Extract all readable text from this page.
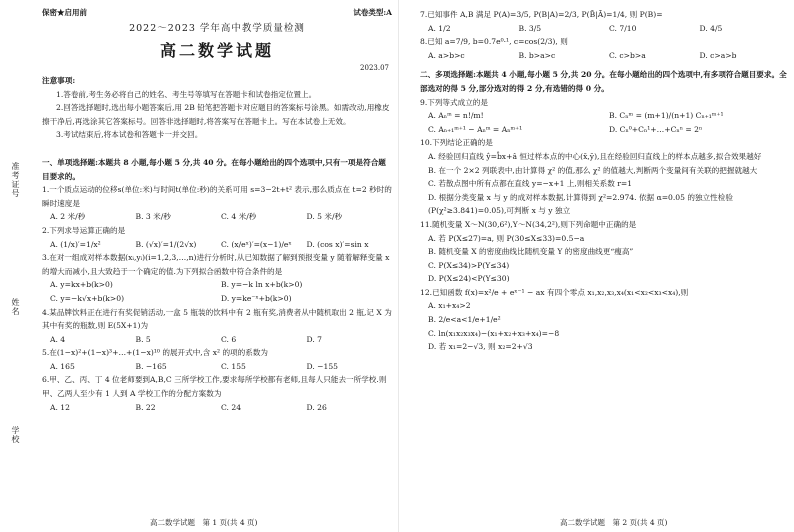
准考证号
姓名
学校
保密★启用前	试卷类型:A
2022～2023 学年高中教学质量检测
高二数学试题
注意事项:
1.答卷前,考生务必将自己的姓名、考生号等填写在答题卡和试卷指定位置上。
2.回答选择题时,选出每小题答案后,用 2B 铅笔把答题卡对应题目的答案标号涂黑。如需改动,用橡皮擦干净后,再选涂其它答案标号。回答非选择题时,将答案写在答题卡上。写在本试卷上无效。
3.考试结束后,将本试卷和答题卡一并交回。
一、单项选择题:本题共 8 小题,每小题 5 分,共 40 分。在每小题给出的四个选项中,只有一项是符合题目要求的。
1.一个质点运动的位移s(单位:米)与时间t(单位:秒)的关系可用 s=3−2t+t² 表示,那么质点在 t=2 秒时的瞬时速度是
A. 2 米/秒	B. 3 米/秒	C. 4 米/秒	D. 5 米/秒
2.下列求导运算正确的是
A. (1/x)′=1/x²	B. (√x)′=1/(2√x)	C. (x/eˣ)′=(x−1)/eˣ	D. (cos x)′=sin x
3.在对一组成对样本数据(xᵢ,yᵢ)(i=1,2,3,…,n)进行分析时,从已知数据了解到预报变量 y 随着解释变量 x 的增大而减小,且大致趋于一个确定的值.为下列拟合函数中符合条件的是
A. y=kx+b(k>0)	B. y=−k ln x+b(k>0)
C. y=−k√x+b(k>0)	D. y=ke⁻ˣ+b(k>0)
4.某品牌饮料正在进行有奖促销活动,一盒 5 瓶装的饮料中有 2 瓶有奖,消费者从中随机取出 2 瓶,记 X 为其中有奖的瓶数,则 E(5X+1)为
A. 4	B. 5	C. 6	D. 7
5.在(1−x)²+(1−x)³+…+(1−x)¹⁰ 的展开式中,含 x² 的项的系数为
A. 165	B. −165	C. 155	D. −155
6.甲、乙、丙、丁 4 位老师要到A,B,C 三所学校工作,要求每所学校都有老师,且每人只能去一所学校.则甲、乙两人至少有 1 人到 A 学校工作的分配方案数为
A. 12	B. 22	C. 24	D. 26
2023.07
高二数学试题　第 1 页(共 4 页)
7.已知事件 A,B 满足 P(A)=3/5, P(B|A)=2/3, P(B̄|Ā)=1/4, 则 P(B)=
A. 1/2	B. 3/5	C. 7/10	D. 4/5
8.已知 a=7/9, b=0.7e⁰·¹, c=cos(2/3), 则
A. a>b>c	B. b>a>c	C. c>b>a	D. c>a>b
二、多项选择题:本题共 4 小题,每小题 5 分,共 20 分。在每小题给出的四个选项中,有多项符合题目要求。全部选对的得 5 分,部分选对的得 2 分,有选错的得 0 分。
9.下列等式成立的是
A. Aₙᵐ = n!/m!	B. Cₙᵐ = (m+1)/(n+1) Cₙ₊₁ᵐ⁺¹
C. Aₙ₊₁ᵐ⁺¹ − Aₙᵐ = Aₙᵐ⁺¹	D. Cₙ⁰+Cₙ¹+…+Cₙⁿ = 2ⁿ
10.下列结论正确的是
A. 经验回归直线 ŷ=b̂x+â 恒过样本点的中心(x̄,ȳ),且在经验回归直线上的样本点越多,拟合效果越好
B. 在一个 2×2 列联表中,由计算得 χ² 的值,那么 χ² 的值越大,判断两个变量间有关联的把握就越大
C. 若散点图中所有点都在直线 y=−x+1 上,则相关系数 r=1
D. 根据分类变量 x 与 y 的成对样本数据,计算得到 χ²=2.974. 依据 α=0.05 的独立性检验(P(χ²≥3.841)=0.05),可判断 x 与 y 独立
11.随机变量 X～N(30,6²),Y～N(34,2²),则下列命题中正确的是
A. 若 P(X≤27)=a, 则 P(30≤X≤33)=0.5−a
B. 随机变量 X 的密度曲线比随机变量 Y 的密度曲线更“瘦高”
C. P(X≤34)>P(Y≤34)
D. P(X≤24)<P(Y≤30)
12.已知函数 f(x)=x²/e + eˣ⁻¹ − ax 有四个零点 x₁,x₂,x₃,x₄(x₁<x₂<x₃<x₄),则
A. x₁+x₄>2
B. 2/e<a<1/e+1/e²
C. ln(x₁x₂x₃x₄)−(x₁+x₂+x₃+x₄)=−8
D. 若 x₁=2−√3, 则 x₂=2+√3
高二数学试题　第 2 页(共 4 页)
